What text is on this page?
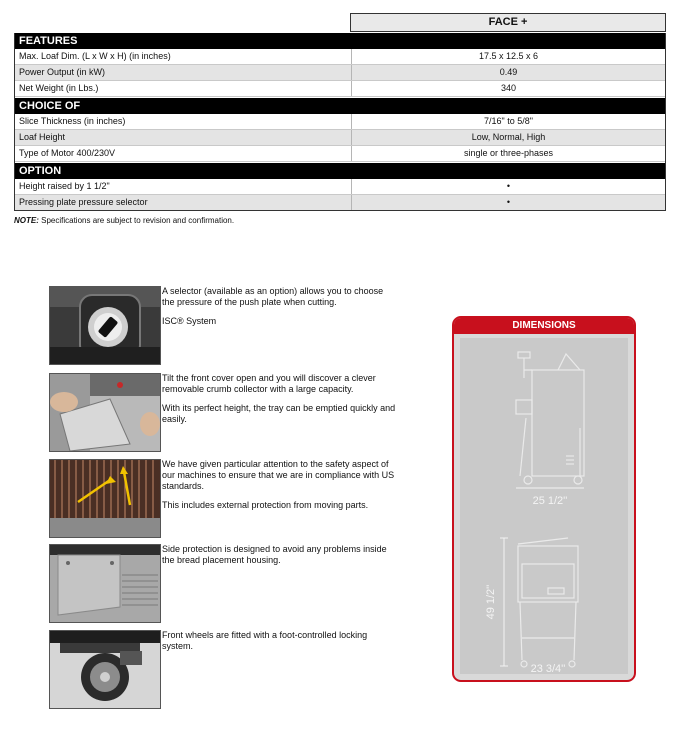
FACE +
FEATURES
Max. Loaf Dim. (L x W x H) (in inches)	17.5 x 12.5 x 6
Power Output (in kW)	0.49
Net Weight (in Lbs.)	340
CHOICE OF
Slice Thickness (in inches)	7/16" to 5/8"
Loaf Height	Low, Normal, High
Type of Motor 400/230V	single or three-phases
OPTION
Height raised by 1 1/2"	•
Pressing plate pressure selector	•
NOTE: Specifications are subject to revision and confirmation.

A selector (available as an option) allows you to choose the pressure of the push plate when cutting.

ISC® System

Tilt the front cover open and you will discover a clever removable crumb collector with a large capacity.

With its perfect height, the tray can be emptied quickly and easily.

We have given particular attention to the safety aspect of our machines to ensure that we are in compliance with US standards.

This includes external protection from moving parts.

Side protection is designed to avoid any problems inside the bread placement housing.

Front wheels are fitted with a foot-controlled locking system.

DIMENSIONS
25 1/2''
49 1/2''
23 3/4''
